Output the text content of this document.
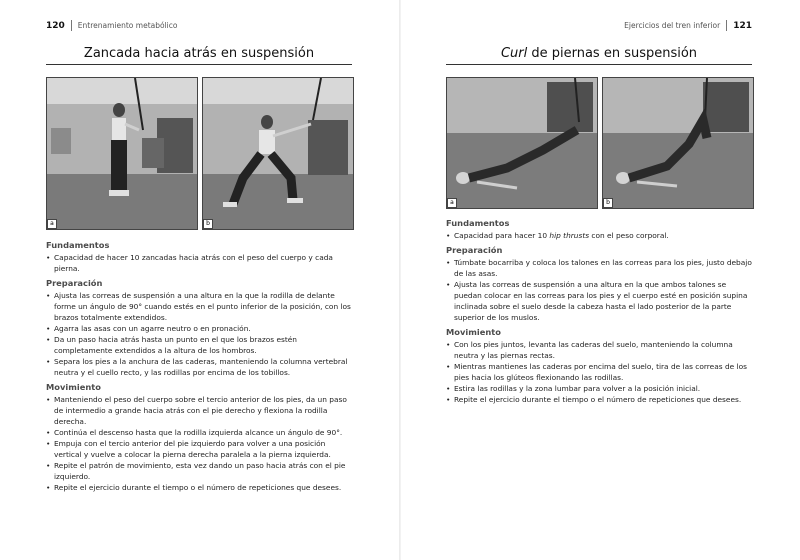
120 Entrenamiento metabólico
Zancada hacia atrás en suspensión
a	b
Fundamentos
• Capacidad de hacer 10 zancadas hacia atrás con el peso del cuerpo y cada pierna.
Preparación
• Ajusta las correas de suspensión a una altura en la que la rodilla de delante forme un ángulo de 90° cuando estés en el punto inferior de la posición, con los brazos totalmente extendidos.
• Agarra las asas con un agarre neutro o en pronación.
• Da un paso hacia atrás hasta un punto en el que los brazos estén completamente extendidos a la altura de los hombros.
• Separa los pies a la anchura de las caderas, manteniendo la columna vertebral neutra y el cuello recto, y las rodillas por encima de los tobillos.
Movimiento
• Manteniendo el peso del cuerpo sobre el tercio anterior de los pies, da un paso de intermedio a grande hacia atrás con el pie derecho y flexiona la rodilla derecha.
• Continúa el descenso hasta que la rodilla izquierda alcance un ángulo de 90°.
• Empuja con el tercio anterior del pie izquierdo para volver a una posición vertical y vuelve a colocar la pierna derecha paralela a la pierna izquierda.
• Repite el patrón de movimiento, esta vez dando un paso hacia atrás con el pie izquierdo.
• Repite el ejercicio durante el tiempo o el número de repeticiones que desees.
Ejercicios del tren inferior 121
Curl de piernas en suspensión
a	b
Fundamentos
• Capacidad para hacer 10 hip thrusts con el peso corporal.
Preparación
• Túmbate bocarriba y coloca los talones en las correas para los pies, justo debajo de las asas.
• Ajusta las correas de suspensión a una altura en la que ambos talones se puedan colocar en las correas para los pies y el cuerpo esté en posición supina inclinada sobre el suelo desde la cabeza hasta el lado posterior de la parte superior de los muslos.
Movimiento
• Con los pies juntos, levanta las caderas del suelo, manteniendo la columna neutra y las piernas rectas.
• Mientras mantienes las caderas por encima del suelo, tira de las correas de los pies hacia los glúteos flexionando las rodillas.
• Estira las rodillas y la zona lumbar para volver a la posición inicial.
• Repite el ejercicio durante el tiempo o el número de repeticiones que desees.
